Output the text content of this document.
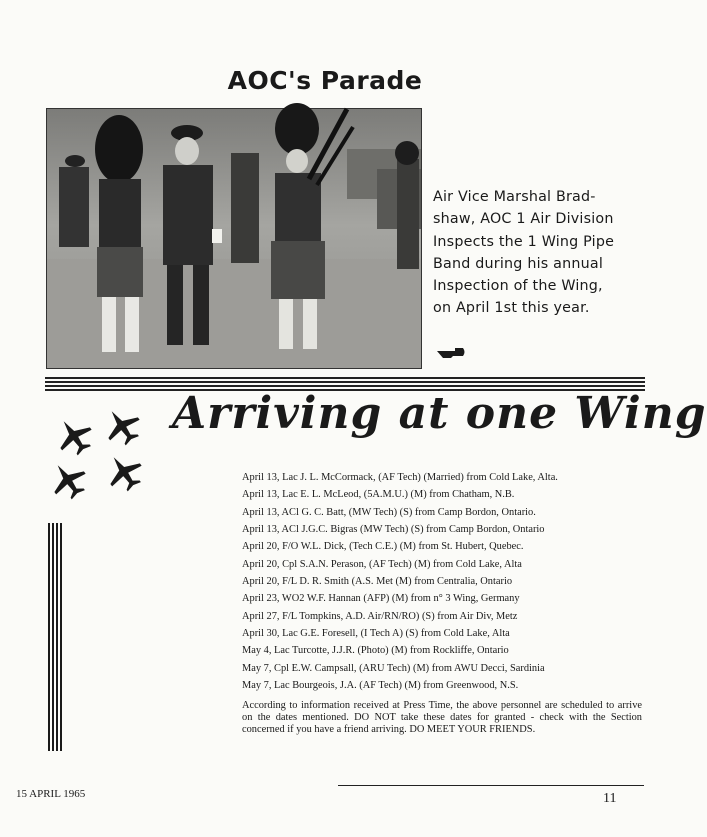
AOC's Parade
Air Vice Marshal Brad-
shaw, AOC 1 Air Division
Inspects the 1 Wing Pipe
Band during his annual
Inspection of the Wing,
on April 1st this year.
Arriving at one Wing
April 13, Lac J. L. McCormack, (AF Tech) (Married) from Cold Lake, Alta.
April 13, Lac E. L. McLeod, (5A.M.U.) (M) from Chatham, N.B.
April 13, ACl G. C. Batt, (MW Tech) (S) from Camp Bordon, Ontario.
April 13, ACl J.G.C. Bigras (MW Tech) (S) from Camp Bordon, Ontario
April 20, F/O W.L. Dick, (Tech C.E.) (M) from St. Hubert, Quebec.
April 20, Cpl S.A.N. Perason, (AF Tech) (M) from Cold Lake, Alta
April 20, F/L D. R. Smith (A.S. Met (M) from Centralia, Ontario
April 23, WO2 W.F. Hannan (AFP) (M) from n° 3 Wing, Germany
April 27, F/L Tompkins, A.D. Air/RN/RO) (S) from Air Div, Metz
April 30, Lac G.E. Foresell, (I Tech A) (S) from Cold Lake, Alta
May 4, Lac Turcotte, J.J.R. (Photo) (M) from Rockliffe, Ontario
May 7, Cpl E.W. Campsall, (ARU Tech) (M) from AWU Decci, Sardinia
May 7, Lac Bourgeois, J.A. (AF Tech) (M) from Greenwood, N.S.

According to information received at Press Time, the above personnel are scheduled to arrive on the dates mentioned. DO NOT take these dates for granted - check with the Section concerned if you have a friend arriving. DO MEET YOUR FRIENDS.

15 APRIL 1965	11
